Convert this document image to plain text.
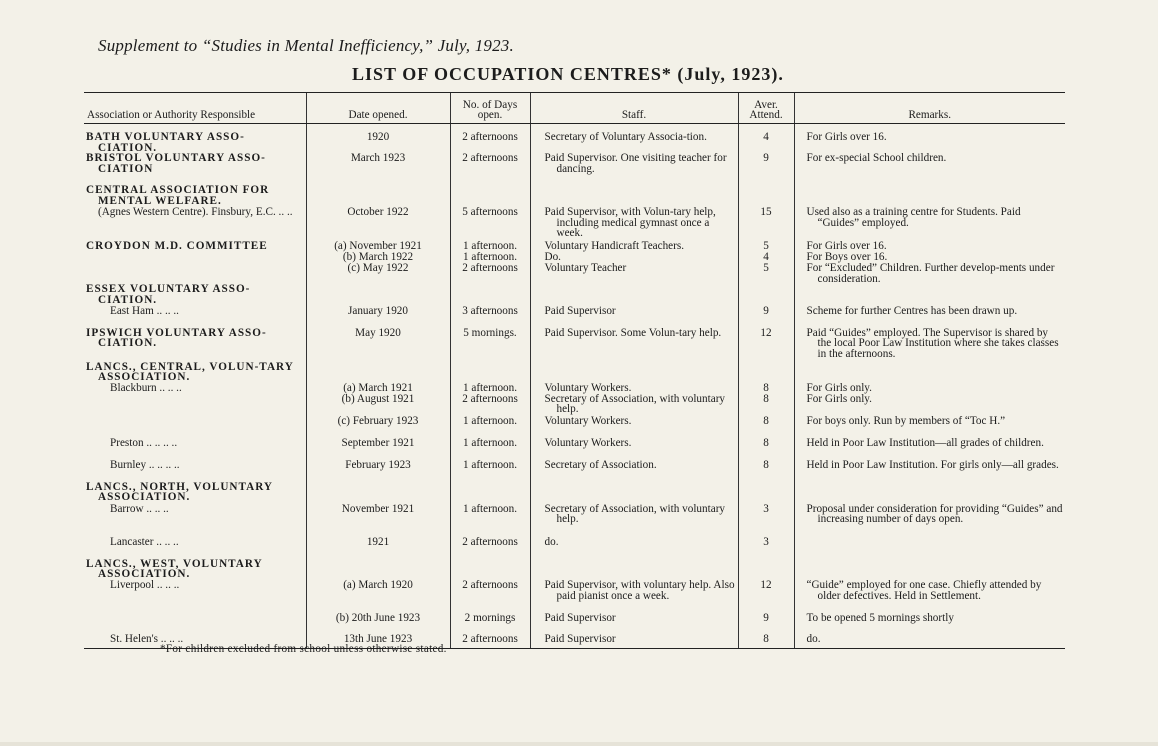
Supplement to “Studies in Mental Inefficiency,” July, 1923.
LIST OF OCCUPATION CENTRES* (July, 1923).
Association or Authority Responsible	Date opened.	No. of Days open.	Staff.	Aver. Attend.	Remarks.

BATH VOLUNTARY ASSO-CIATION.	1920	2 afternoons	Secretary of Voluntary Associa-tion.	4	For Girls over 16.

BRISTOL VOLUNTARY ASSO-CIATION	March 1923	2 afternoons	Paid Supervisor. One visiting teacher for dancing.	9	For ex-special School children.

CENTRAL ASSOCIATION FOR MENTAL WELFARE.					

(Agnes Western Centre). Finsbury, E.C. .. ..	October 1922	5 afternoons	Paid Supervisor, with Volun-tary help, including medical gymnast once a week.	15	Used also as a training centre for Students. Paid “Guides” employed.

CROYDON M.D. COMMITTEE	(a) November 1921	1 afternoon.	Voluntary Handicraft Teachers.	5	For Girls over 16.

	(b) March 1922	1 afternoon.	Do.	4	For Boys over 16.

	(c) May 1922	2 afternoons	Voluntary Teacher	5	For “Excluded” Children. Further develop-ments under consideration.

ESSEX VOLUNTARY ASSO-CIATION.					

East Ham .. .. ..	January 1920	3 afternoons	Paid Supervisor	9	Scheme for further Centres has been drawn up.

IPSWICH VOLUNTARY ASSO-CIATION.	May 1920	5 mornings.	Paid Supervisor. Some Volun-tary help.	12	Paid “Guides” employed. The Supervisor is shared by the local Poor Law Institution where she takes classes in the afternoons.

LANCS., CENTRAL, VOLUN-TARY ASSOCIATION.					

Blackburn .. .. ..	(a) March 1921	1 afternoon.	Voluntary Workers.	8	For Girls only.

	(b) August 1921	2 afternoons	Secretary of Association, with voluntary help.	8	For Girls only.

	(c) February 1923	1 afternoon.	Voluntary Workers.	8	For boys only. Run by members of “Toc H.”

Preston .. .. .. ..	September 1921	1 afternoon.	Voluntary Workers.	8	Held in Poor Law Institution—all grades of children.

Burnley .. .. .. ..	February 1923	1 afternoon.	Secretary of Association.	8	Held in Poor Law Institution. For girls only—all grades.

LANCS., NORTH, VOLUNTARY ASSOCIATION.					

Barrow .. .. ..	November 1921	1 afternoon.	Secretary of Association, with voluntary help.	3	Proposal under consideration for providing “Guides” and increasing number of days open.

Lancaster .. .. ..	1921	2 afternoons	do.	3	

LANCS., WEST, VOLUNTARY ASSOCIATION.					

Liverpool .. .. ..	(a) March 1920	2 afternoons	Paid Supervisor, with voluntary help. Also paid pianist once a week.	12	“Guide” employed for one case. Chiefly attended by older defectives. Held in Settlement.

	(b) 20th June 1923	2 mornings	Paid Supervisor	9	To be opened 5 mornings shortly

St. Helen's .. .. ..	13th June 1923	2 afternoons	Paid Supervisor	8	do.
*For children excluded from school unless otherwise stated.
